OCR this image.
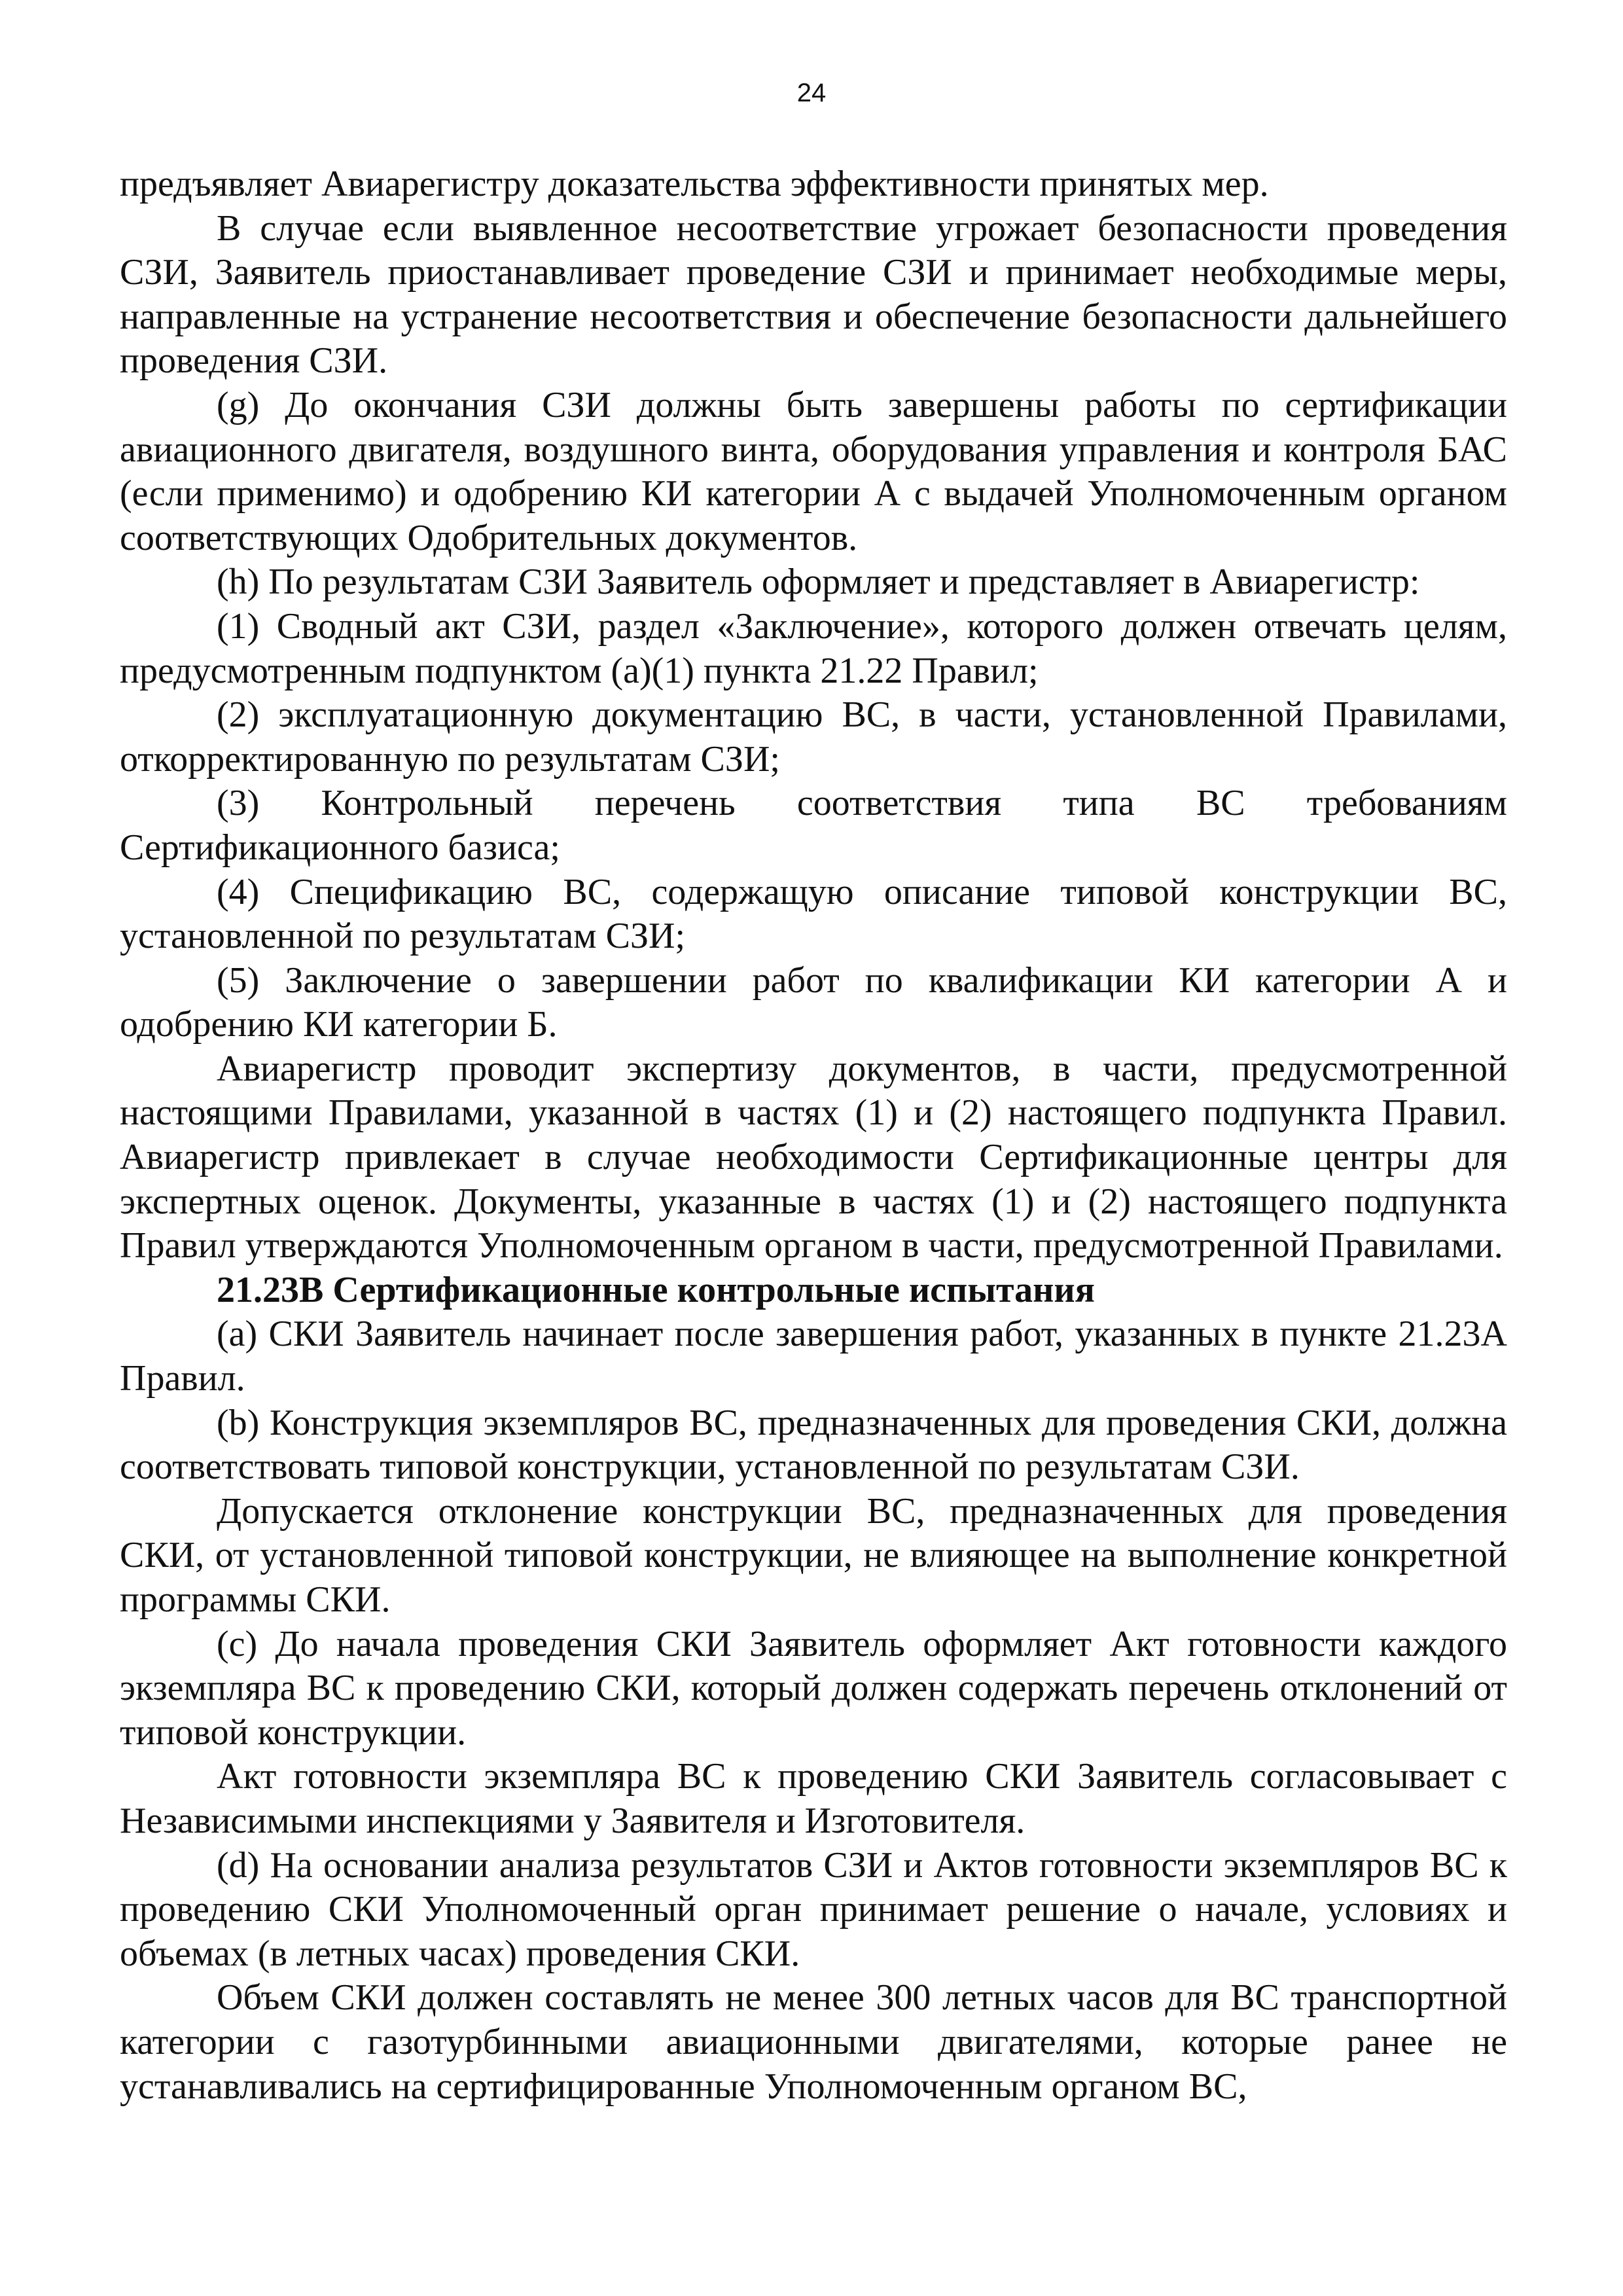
24

предъявляет Авиарегистру доказательства эффективности принятых мер.

В случае если выявленное несоответствие угрожает безопасности проведения СЗИ, Заявитель приостанавливает проведение СЗИ и принимает необходимые меры, направленные на устранение несоответствия и обеспечение безопасности дальнейшего проведения СЗИ.

(g) До окончания СЗИ должны быть завершены работы по сертификации авиационного двигателя, воздушного винта, оборудования управления и контроля БАС (если применимо) и одобрению КИ категории А с выдачей Уполномоченным органом соответствующих Одобрительных документов.

(h) По результатам СЗИ Заявитель оформляет и представляет в Авиарегистр:

(1) Сводный акт СЗИ, раздел «Заключение», которого должен отвечать целям, предусмотренным подпунктом (a)(1) пункта 21.22 Правил;

(2) эксплуатационную документацию ВС, в части, установленной Правилами, откорректированную по результатам СЗИ;

(3) Контрольный перечень соответствия типа ВС требованиям Сертификационного базиса;

(4) Спецификацию ВС, содержащую описание типовой конструкции ВС, установленной по результатам СЗИ;

(5) Заключение о завершении работ по квалификации КИ категории А и одобрению КИ категории Б.

Авиарегистр проводит экспертизу документов, в части, предусмотренной настоящими Правилами, указанной в частях (1) и (2) настоящего подпункта Правил. Авиарегистр привлекает в случае необходимости Сертификационные центры для экспертных оценок. Документы, указанные в частях (1) и (2) настоящего подпункта Правил утверждаются Уполномоченным органом в части, предусмотренной Правилами.

21.23В Сертификационные контрольные испытания

(a) СКИ Заявитель начинает после завершения работ, указанных в пункте 21.23А Правил.

(b) Конструкция экземпляров ВС, предназначенных для проведения СКИ, должна соответствовать типовой конструкции, установленной по результатам СЗИ.

Допускается отклонение конструкции ВС, предназначенных для проведения СКИ, от установленной типовой конструкции, не влияющее на выполнение конкретной программы СКИ.

(c) До начала проведения СКИ Заявитель оформляет Акт готовности каждого экземпляра ВС к проведению СКИ, который должен содержать перечень отклонений от типовой конструкции.

Акт готовности экземпляра ВС к проведению СКИ Заявитель согласовывает с Независимыми инспекциями у Заявителя и Изготовителя.

(d) На основании анализа результатов СЗИ и Актов готовности экземпляров ВС к проведению СКИ Уполномоченный орган принимает решение о начале, условиях и объемах (в летных часах) проведения СКИ.

Объем СКИ должен составлять не менее 300 летных часов для ВС транспортной категории с газотурбинными авиационными двигателями, которые ранее не устанавливались на сертифицированные Уполномоченным органом ВС,
